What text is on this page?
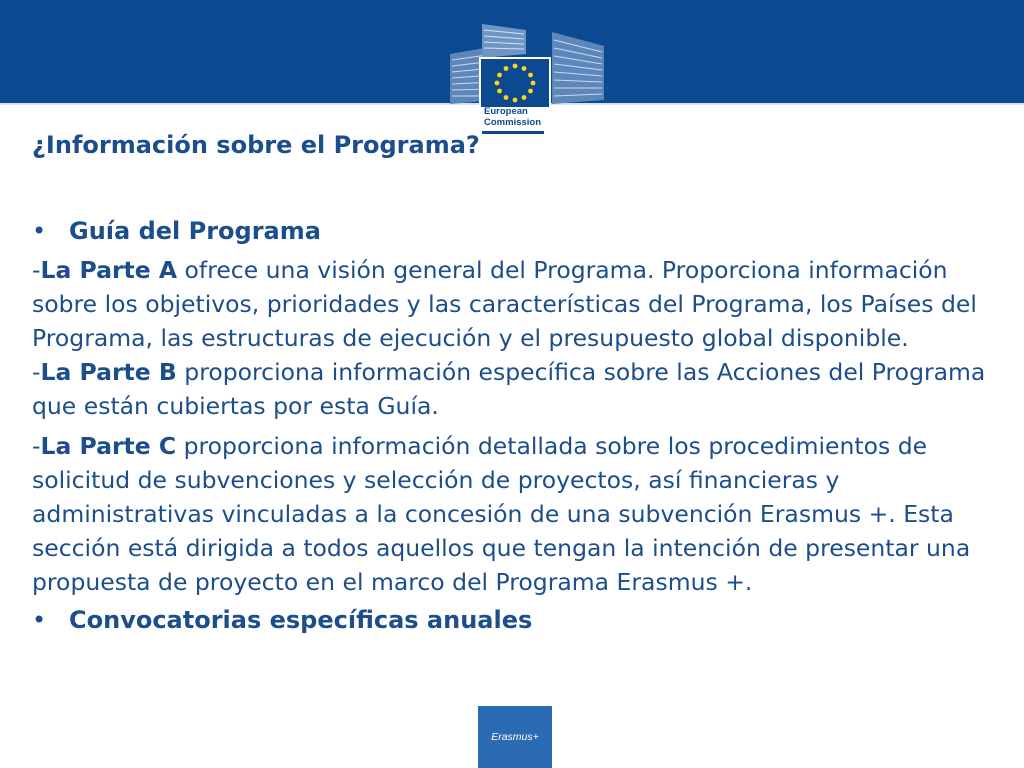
European
Commission

¿Información sobre el Programa?

• Guía del Programa

-La Parte A ofrece una visión general del Programa. Proporciona información sobre los objetivos, prioridades y las características del Programa, los Países del Programa, las estructuras de ejecución y el presupuesto global disponible.

-La Parte B proporciona información específica sobre las Acciones del Programa que están cubiertas por esta Guía.

-La Parte C proporciona información detallada sobre los procedimientos de solicitud de subvenciones y selección de proyectos, así financieras y administrativas vinculadas a la concesión de una subvención Erasmus +. Esta sección está dirigida a todos aquellos que tengan la intención de presentar una propuesta de proyecto en el marco del Programa Erasmus +.

• Convocatorias específicas anuales
Erasmus+
